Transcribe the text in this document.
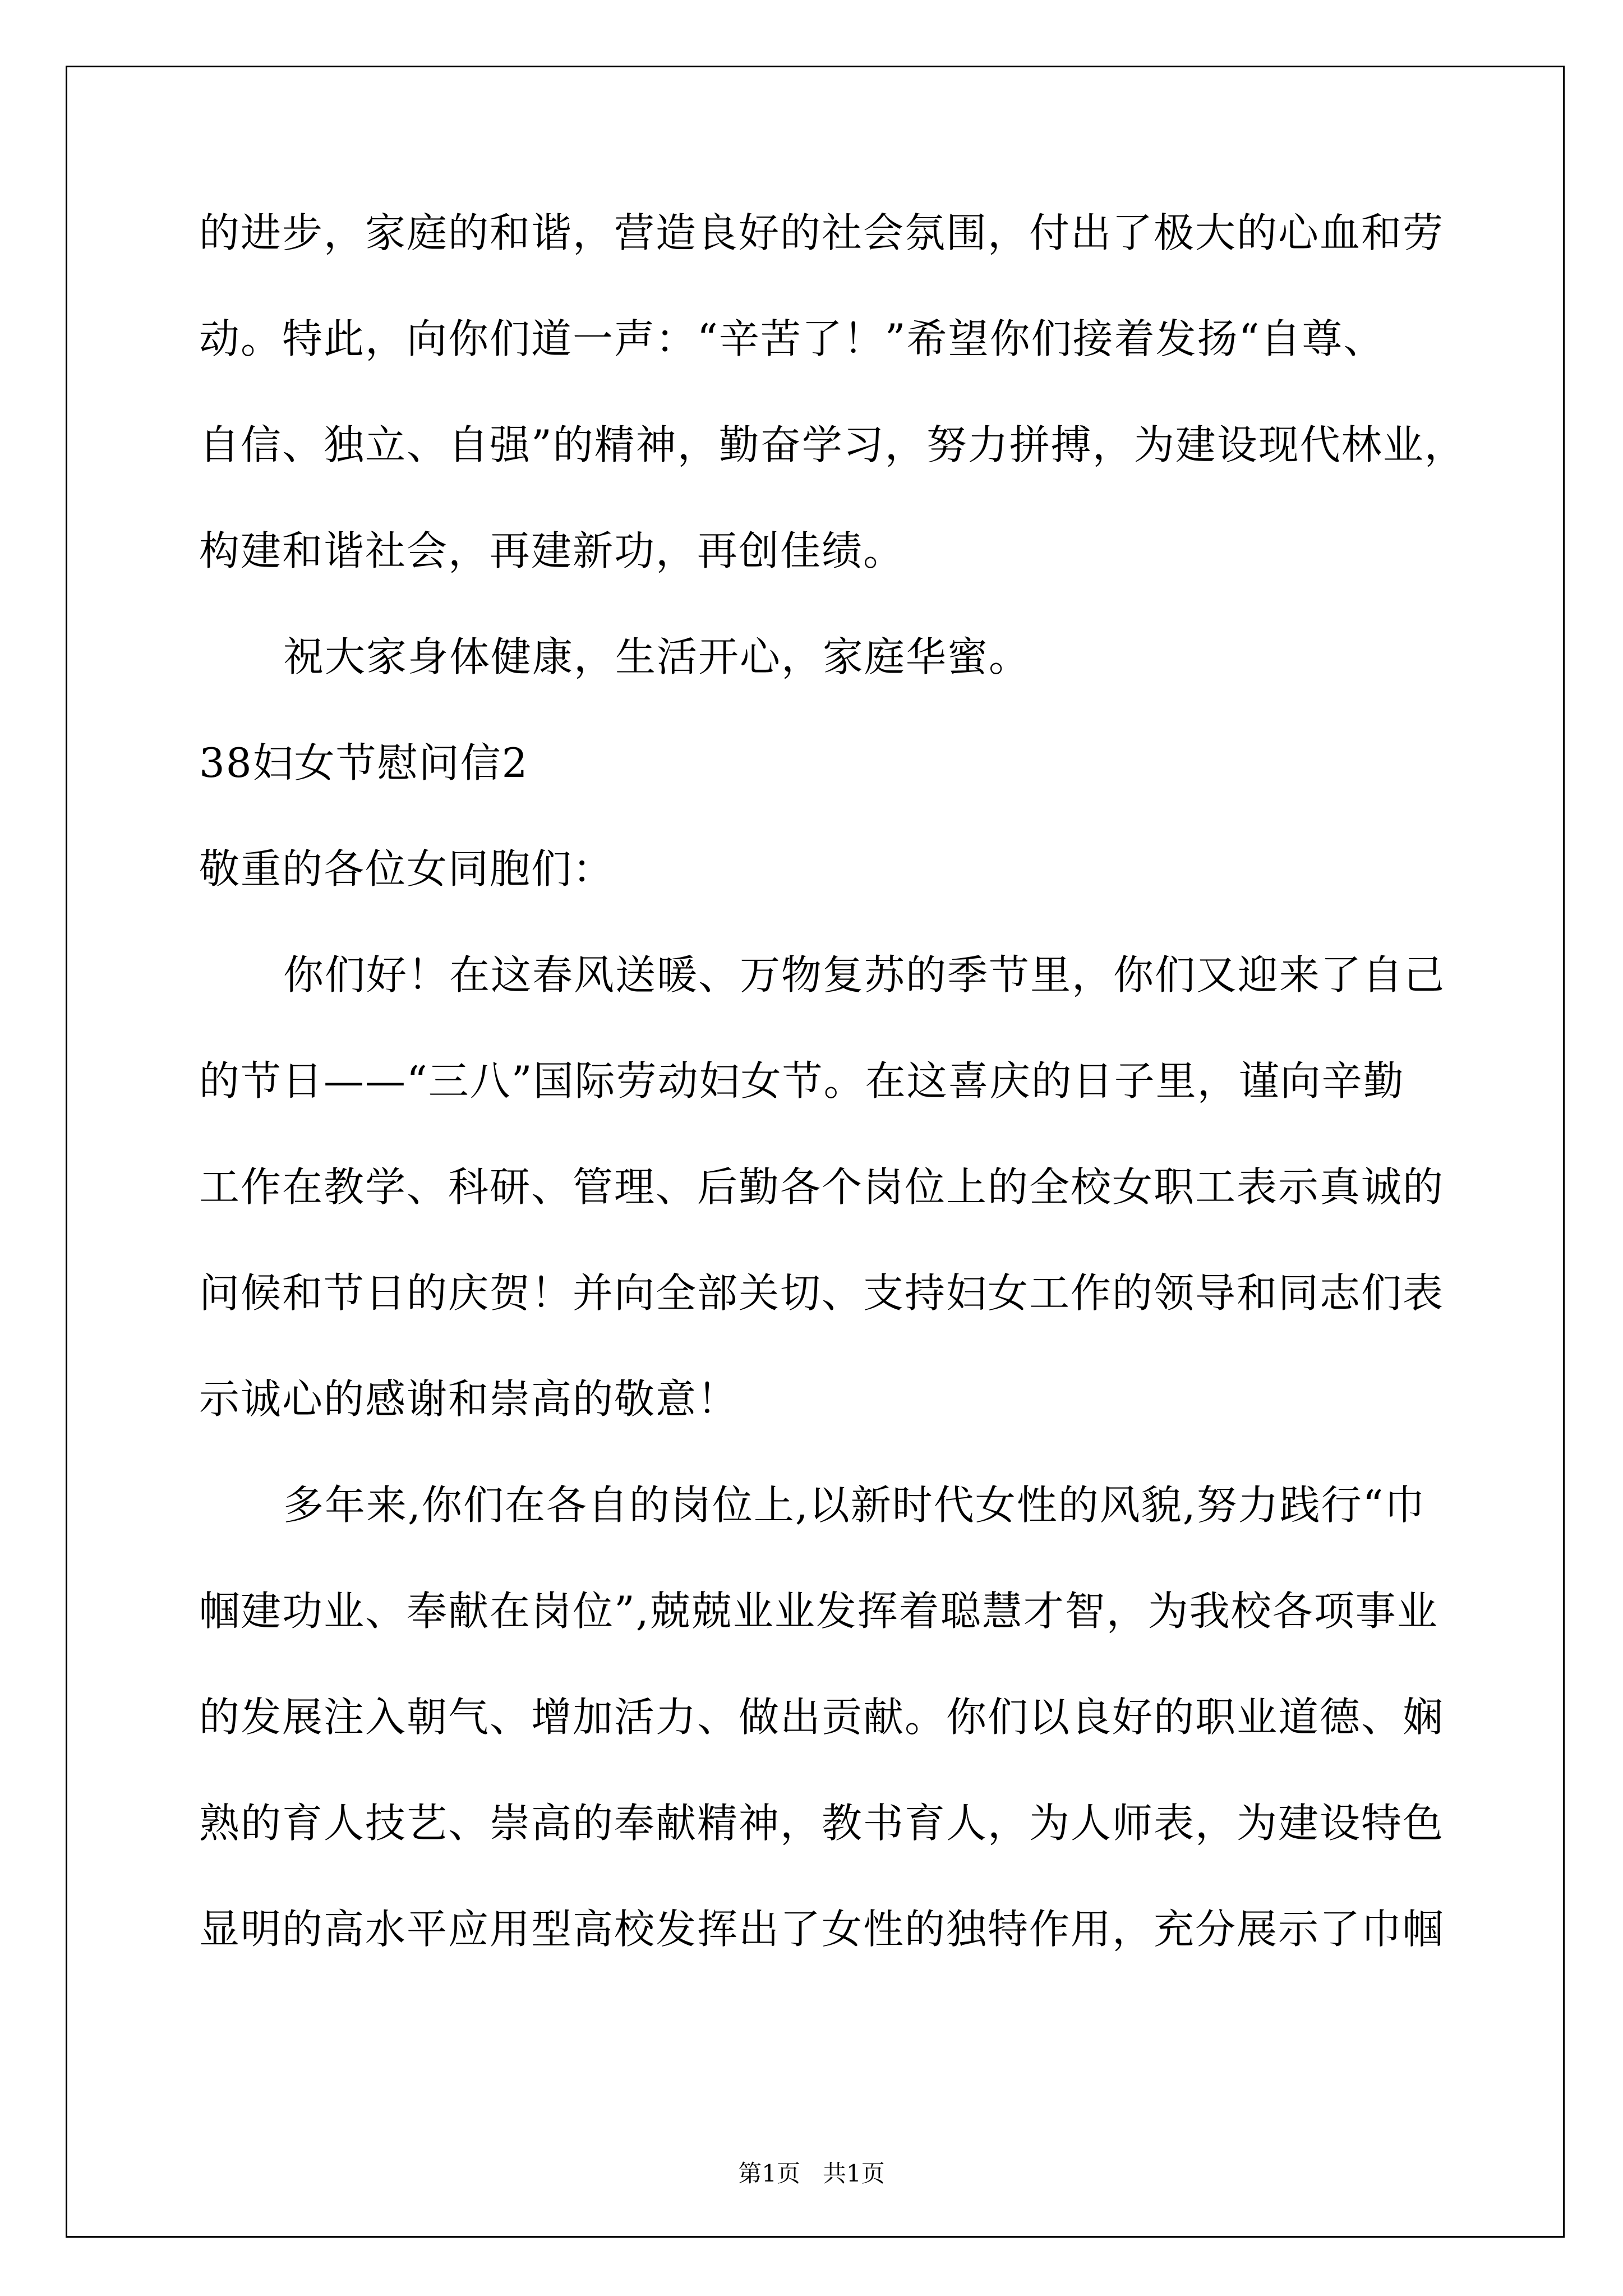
的进步，家庭的和谐，营造良好的社会氛围，付出了极大的心血和劳
动。特此，向你们道一声：“辛苦了！”希望你们接着发扬“自尊、
自信、独立、自强”的精神，勤奋学习，努力拼搏，为建设现代林业，
构建和谐社会，再建新功，再创佳绩。
祝大家身体健康，生活开心，家庭华蜜。
38妇女节慰问信2
敬重的各位女同胞们：
你们好！在这春风送暖、万物复苏的季节里，你们又迎来了自己
的节日——“三八”国际劳动妇女节。在这喜庆的日子里，谨向辛勤
工作在教学、科研、管理、后勤各个岗位上的全校女职工表示真诚的
问候和节日的庆贺！并向全部关切、支持妇女工作的领导和同志们表
示诚心的感谢和崇高的敬意！
多年来,你们在各自的岗位上,以新时代女性的风貌,努力践行“巾
帼建功业、奉献在岗位”,兢兢业业发挥着聪慧才智，为我校各项事业
的发展注入朝气、增加活力、做出贡献。你们以良好的职业道德、娴
熟的育人技艺、崇高的奉献精神，教书育人，为人师表，为建设特色
显明的高水平应用型高校发挥出了女性的独特作用，充分展示了巾帼
第1页   共1页
